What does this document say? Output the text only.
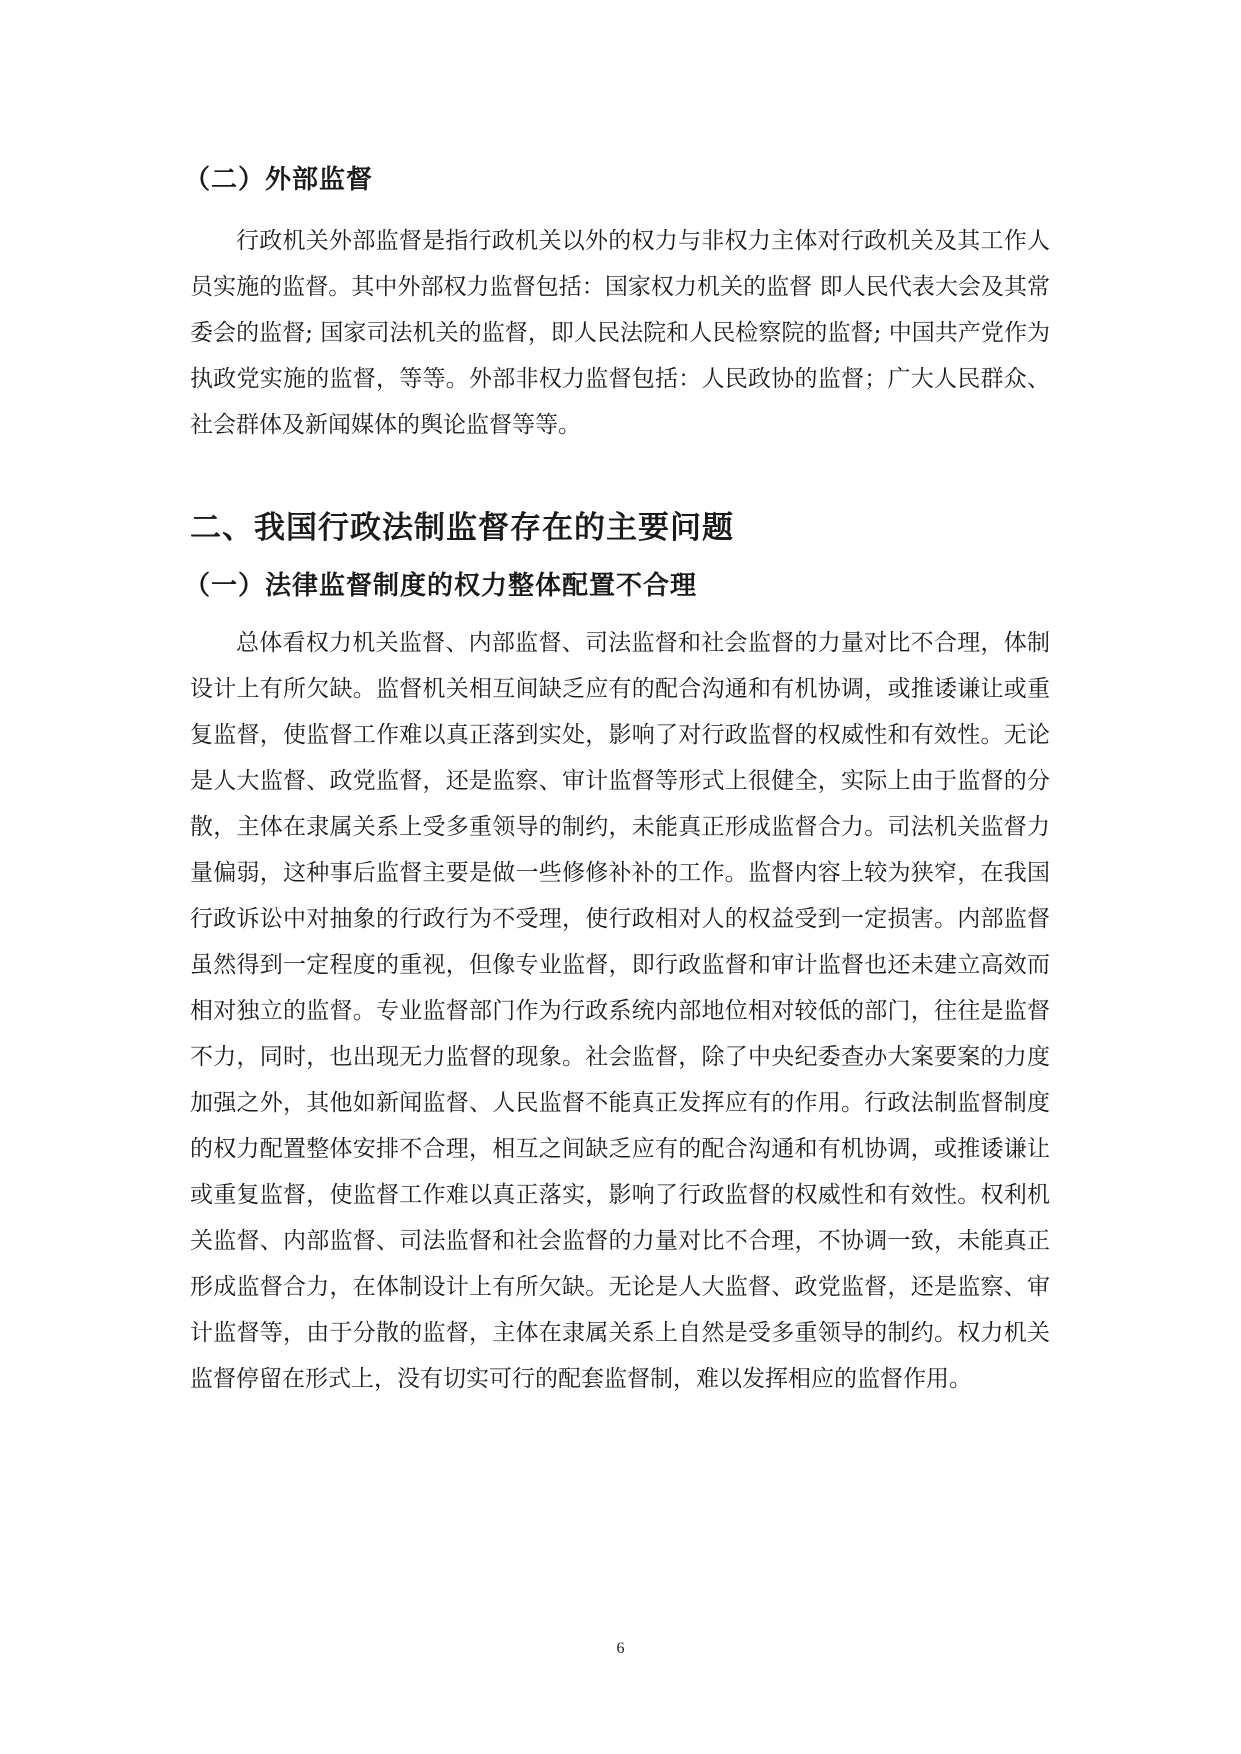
（二）外部监督

行政机关外部监督是指行政机关以外的权力与非权力主体对行政机关及其工作人员实施的监督。其中外部权力监督包括：国家权力机关的监督 即人民代表大会及其常委会的监督; 国家司法机关的监督，即人民法院和人民检察院的监督; 中国共产党作为执政党实施的监督，等等。外部非权力监督包括：人民政协的监督；广大人民群众、社会群体及新闻媒体的舆论监督等等。

二、我国行政法制监督存在的主要问题
（一）法律监督制度的权力整体配置不合理

总体看权力机关监督、内部监督、司法监督和社会监督的力量对比不合理，体制设计上有所欠缺。监督机关相互间缺乏应有的配合沟通和有机协调，或推诿谦让或重复监督，使监督工作难以真正落到实处，影响了对行政监督的权威性和有效性。无论是人大监督、政党监督，还是监察、审计监督等形式上很健全，实际上由于监督的分散，主体在隶属关系上受多重领导的制约，未能真正形成监督合力。司法机关监督力量偏弱，这种事后监督主要是做一些修修补补的工作。监督内容上较为狭窄，在我国行政诉讼中对抽象的行政行为不受理，使行政相对人的权益受到一定损害。内部监督虽然得到一定程度的重视，但像专业监督，即行政监督和审计监督也还未建立高效而相对独立的监督。专业监督部门作为行政系统内部地位相对较低的部门，往往是监督不力，同时，也出现无力监督的现象。社会监督，除了中央纪委查办大案要案的力度加强之外，其他如新闻监督、人民监督不能真正发挥应有的作用。行政法制监督制度的权力配置整体安排不合理，相互之间缺乏应有的配合沟通和有机协调，或推诿谦让或重复监督，使监督工作难以真正落实，影响了行政监督的权威性和有效性。权利机关监督、内部监督、司法监督和社会监督的力量对比不合理，不协调一致，未能真正形成监督合力，在体制设计上有所欠缺。无论是人大监督、政党监督，还是监察、审计监督等，由于分散的监督，主体在隶属关系上自然是受多重领导的制约。权力机关监督停留在形式上，没有切实可行的配套监督制，难以发挥相应的监督作用。

6
